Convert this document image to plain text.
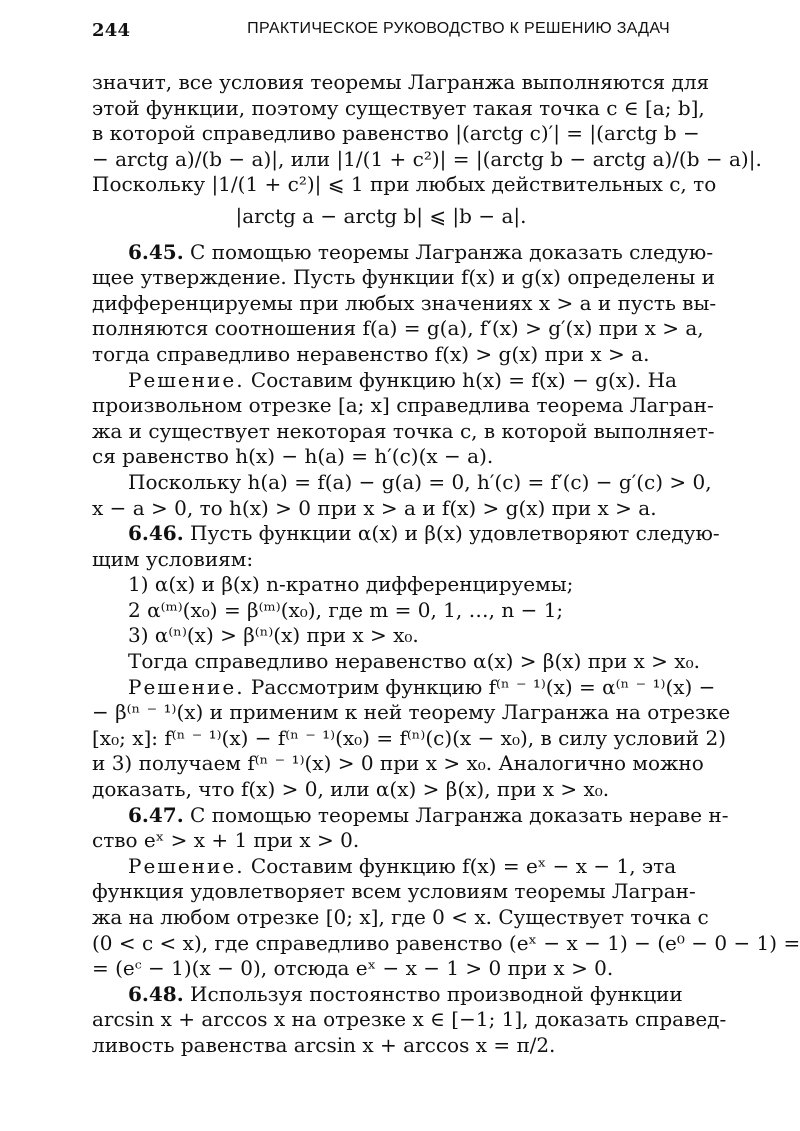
244	ПРАКТИЧЕСКОЕ РУКОВОДСТВО К РЕШЕНИЮ ЗАДАЧ
значит, все условия теоремы Лагранжа выполняются для
этой функции, поэтому существует такая точка c ∈ [a; b],
в которой справедливо равенство |(arctg c)′| = |(arctg b −
− arctg a)/(b − a)|, или |1/(1 + c²)| = |(arctg b − arctg a)/(b − a)|.
Поскольку |1/(1 + c²)| ⩽ 1 при любых действительных c, то
|arctg a − arctg b| ⩽ |b − a|.
6.45. С помощью теоремы Лагранжа доказать следую-
щее утверждение. Пусть функции f(x) и g(x) определены и
дифференцируемы при любых значениях x > a и пусть вы-
полняются соотношения f(a) = g(a), f′(x) > g′(x) при x > a,
тогда справедливо неравенство f(x) > g(x) при x > a.
Решение. Составим функцию h(x) = f(x) − g(x). На
произвольном отрезке [a; x] справедлива теорема Лагран-
жа и существует некоторая точка c, в которой выполняет-
ся равенство h(x) − h(a) = h′(c)(x − a).
Поскольку h(a) = f(a) − g(a) = 0, h′(c) = f′(c) − g′(c) > 0,
x − a > 0, то h(x) > 0 при x > a и f(x) > g(x) при x > a.
6.46. Пусть функции α(x) и β(x) удовлетворяют следую-
щим условиям:
1) α(x) и β(x) n-кратно дифференцируемы;
2 α⁽ᵐ⁾(x₀) = β⁽ᵐ⁾(x₀), где m = 0, 1, …, n − 1;
3) α⁽ⁿ⁾(x) > β⁽ⁿ⁾(x) при x > x₀.
Тогда справедливо неравенство α(x) > β(x) при x > x₀.
Решение. Рассмотрим функцию f⁽ⁿ ⁻ ¹⁾(x) = α⁽ⁿ ⁻ ¹⁾(x) −
− β⁽ⁿ ⁻ ¹⁾(x) и применим к ней теорему Лагранжа на отрезке
[x₀; x]: f⁽ⁿ ⁻ ¹⁾(x) − f⁽ⁿ ⁻ ¹⁾(x₀) = f⁽ⁿ⁾(c)(x − x₀), в силу условий 2)
и 3) получаем f⁽ⁿ ⁻ ¹⁾(x) > 0 при x > x₀. Аналогично можно
доказать, что f(x) > 0, или α(x) > β(x), при x > x₀.
6.47. С помощью теоремы Лагранжа доказать нераве н-
ство eˣ > x + 1 при x > 0.
Решение. Составим функцию f(x) = eˣ − x − 1, эта
функция удовлетворяет всем условиям теоремы Лагран-
жа на любом отрезке [0; x], где 0 < x. Существует точка c
(0 < c < x), где справедливо равенство (eˣ − x − 1) − (e⁰ − 0 − 1) =
= (eᶜ − 1)(x − 0), отсюда eˣ − x − 1 > 0 при x > 0.
6.48. Используя постоянство производной функции
arcsin x + arccos x на отрезке x ∈ [−1; 1], доказать справед-
ливость равенства arcsin x + arccos x = π/2.
